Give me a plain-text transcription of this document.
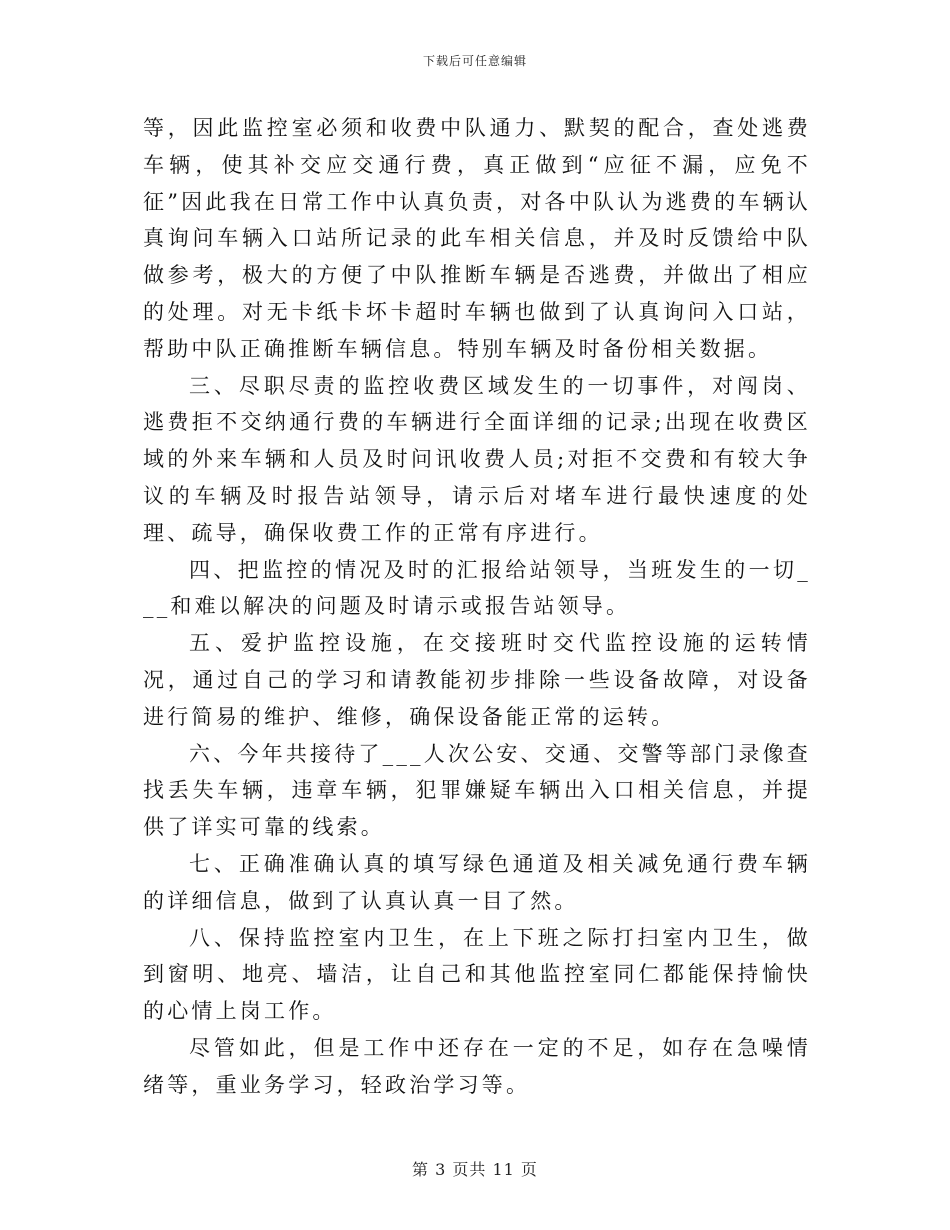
下载后可任意编辑

等，因此监控室必须和收费中队通力、默契的配合，查处逃费车辆，使其补交应交通行费，真正做到“应征不漏，应免不征”因此我在日常工作中认真负责，对各中队认为逃费的车辆认真询问车辆入口站所记录的此车相关信息，并及时反馈给中队做参考，极大的方便了中队推断车辆是否逃费，并做出了相应的处理。对无卡纸卡坏卡超时车辆也做到了认真询问入口站，帮助中队正确推断车辆信息。特别车辆及时备份相关数据。

三、尽职尽责的监控收费区域发生的一切事件，对闯岗、逃费拒不交纳通行费的车辆进行全面详细的记录;出现在收费区域的外来车辆和人员及时问讯收费人员;对拒不交费和有较大争议的车辆及时报告站领导，请示后对堵车进行最快速度的处理、疏导，确保收费工作的正常有序进行。

四、把监控的情况及时的汇报给站领导，当班发生的一切___和难以解决的问题及时请示或报告站领导。

五、爱护监控设施，在交接班时交代监控设施的运转情况，通过自己的学习和请教能初步排除一些设备故障，对设备进行简易的维护、维修，确保设备能正常的运转。

六、今年共接待了___人次公安、交通、交警等部门录像查找丢失车辆，违章车辆，犯罪嫌疑车辆出入口相关信息，并提供了详实可靠的线索。

七、正确准确认真的填写绿色通道及相关减免通行费车辆的详细信息，做到了认真认真一目了然。

八、保持监控室内卫生，在上下班之际打扫室内卫生，做到窗明、地亮、墙洁，让自己和其他监控室同仁都能保持愉快的心情上岗工作。

尽管如此，但是工作中还存在一定的不足，如存在急噪情绪等，重业务学习，轻政治学习等。

第 3 页共 11 页
